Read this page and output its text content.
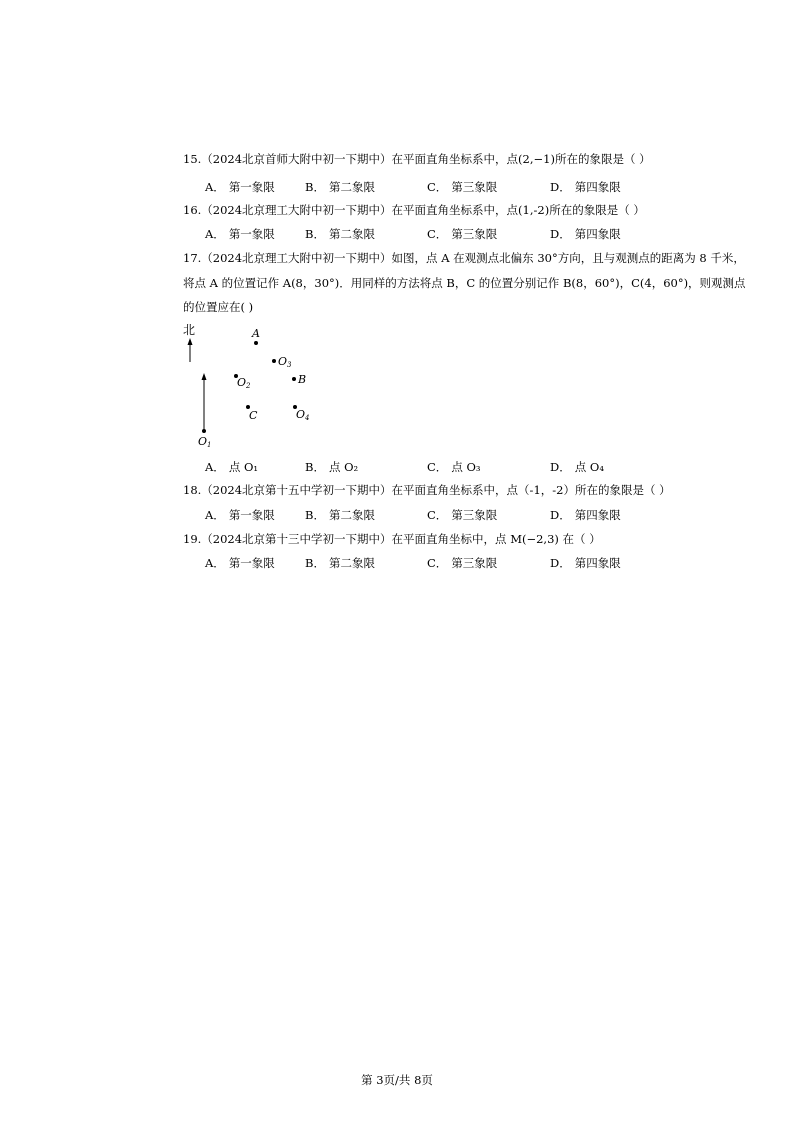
15.（2024北京首师大附中初一下期中）在平面直角坐标系中，点(2,−1)所在的象限是（ ）
A． 第一象限	B． 第二象限	C． 第三象限	D． 第四象限
16.（2024北京理工大附中初一下期中）在平面直角坐标系中，点(1,-2)所在的象限是（ ）
A． 第一象限	B． 第二象限	C． 第三象限	D． 第四象限
17.（2024北京理工大附中初一下期中）如图，点 A 在观测点北偏东 30°方向，且与观测点的距离为 8 千米，
将点 A 的位置记作 A(8，30°)．用同样的方法将点 B，C 的位置分别记作 B(8，60°)，C(4，60°)，则观测点
的位置应在( )
北
O1
A
O3
O2	B
C	O4
A． 点 O₁	B． 点 O₂	C． 点 O₃	D． 点 O₄
18.（2024北京第十五中学初一下期中）在平面直角坐标系中，点（-1，-2）所在的象限是（ ）
A． 第一象限	B． 第二象限	C． 第三象限	D． 第四象限
19.（2024北京第十三中学初一下期中）在平面直角坐标中，点 M(−2,3) 在（ ）
A． 第一象限	B． 第二象限	C． 第三象限	D． 第四象限
第 3页/共 8页
